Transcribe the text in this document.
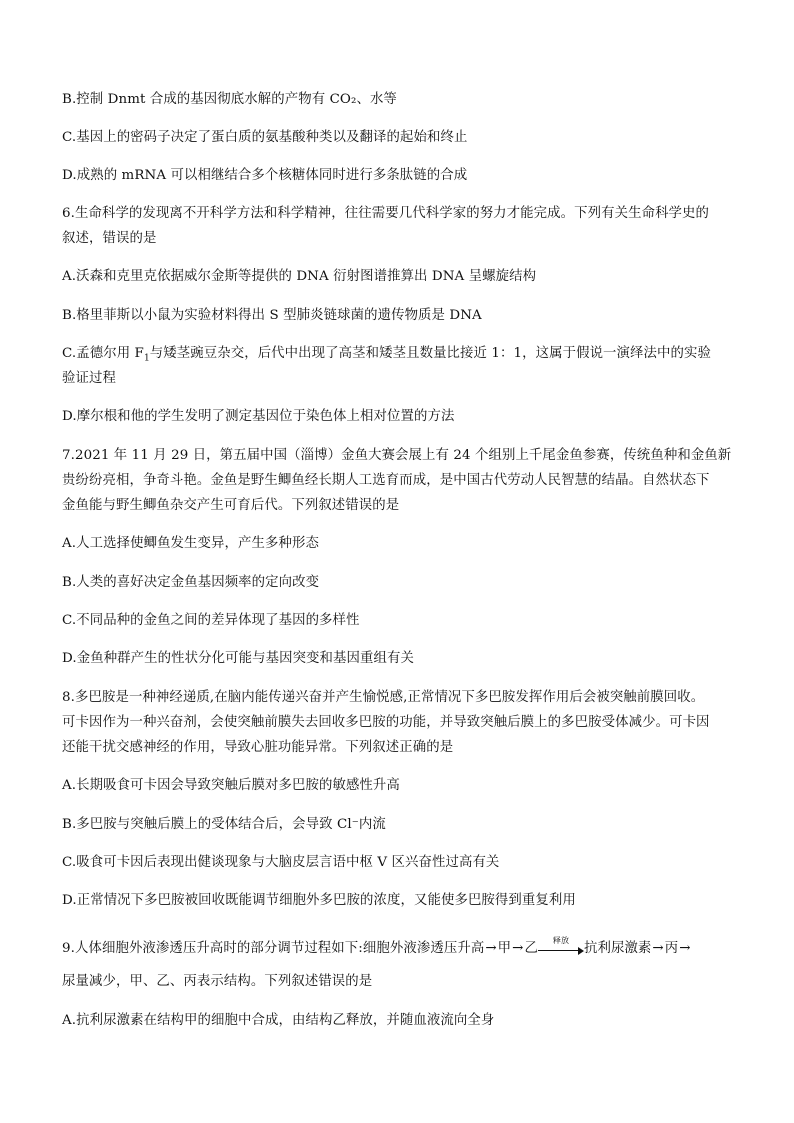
B.控制 Dnmt 合成的基因彻底水解的产物有 CO₂、水等
C.基因上的密码子决定了蛋白质的氨基酸种类以及翻译的起始和终止
D.成熟的 mRNA 可以相继结合多个核糖体同时进行多条肽链的合成
6.生命科学的发现离不开科学方法和科学精神，往往需要几代科学家的努力才能完成。下列有关生命科学史的
叙述，错误的是
A.沃森和克里克依据威尔金斯等提供的 DNA 衍射图谱推算出 DNA 呈螺旋结构
B.格里菲斯以小鼠为实验材料得出 S 型肺炎链球菌的遗传物质是 DNA
C.孟德尔用 $F_1$与矮茎豌豆杂交，后代中出现了高茎和矮茎且数量比接近 1：1，这属于假说一演绎法中的实验
验证过程
D.摩尔根和他的学生发明了测定基因位于染色体上相对位置的方法
7.2021 年 11 月 29 日，第五届中国（淄博）金鱼大赛会展上有 24 个组别上千尾金鱼参赛，传统鱼种和金鱼新
贵纷纷亮相，争奇斗艳。金鱼是野生鲫鱼经长期人工选育而成，是中国古代劳动人民智慧的结晶。自然状态下
金鱼能与野生鲫鱼杂交产生可育后代。下列叙述错误的是
A.人工选择使鲫鱼发生变异，产生多种形态
B.人类的喜好决定金鱼基因频率的定向改变
C.不同品种的金鱼之间的差异体现了基因的多样性
D.金鱼种群产生的性状分化可能与基因突变和基因重组有关
8.多巴胺是一种神经递质,在脑内能传递兴奋并产生愉悦感,正常情况下多巴胺发挥作用后会被突触前膜回收。
可卡因作为一种兴奋剂，会使突触前膜失去回收多巴胺的功能，并导致突触后膜上的多巴胺受体减少。可卡因
还能干扰交感神经的作用，导致心脏功能异常。下列叙述正确的是
A.长期吸食可卡因会导致突触后膜对多巴胺的敏感性升高
B.多巴胺与突触后膜上的受体结合后，会导致 Cl⁻内流
C.吸食可卡因后表现出健谈现象与大脑皮层言语中枢 V 区兴奋性过高有关
D.正常情况下多巴胺被回收既能调节细胞外多巴胺的浓度，又能使多巴胺得到重复利用
9.人体细胞外液渗透压升高时的部分调节过程如下:细胞外液渗透压升高→甲→乙
释放
抗利尿激素→丙→
尿量减少，甲、乙、丙表示结构。下列叙述错误的是
A.抗利尿激素在结构甲的细胞中合成，由结构乙释放，并随血液流向全身
